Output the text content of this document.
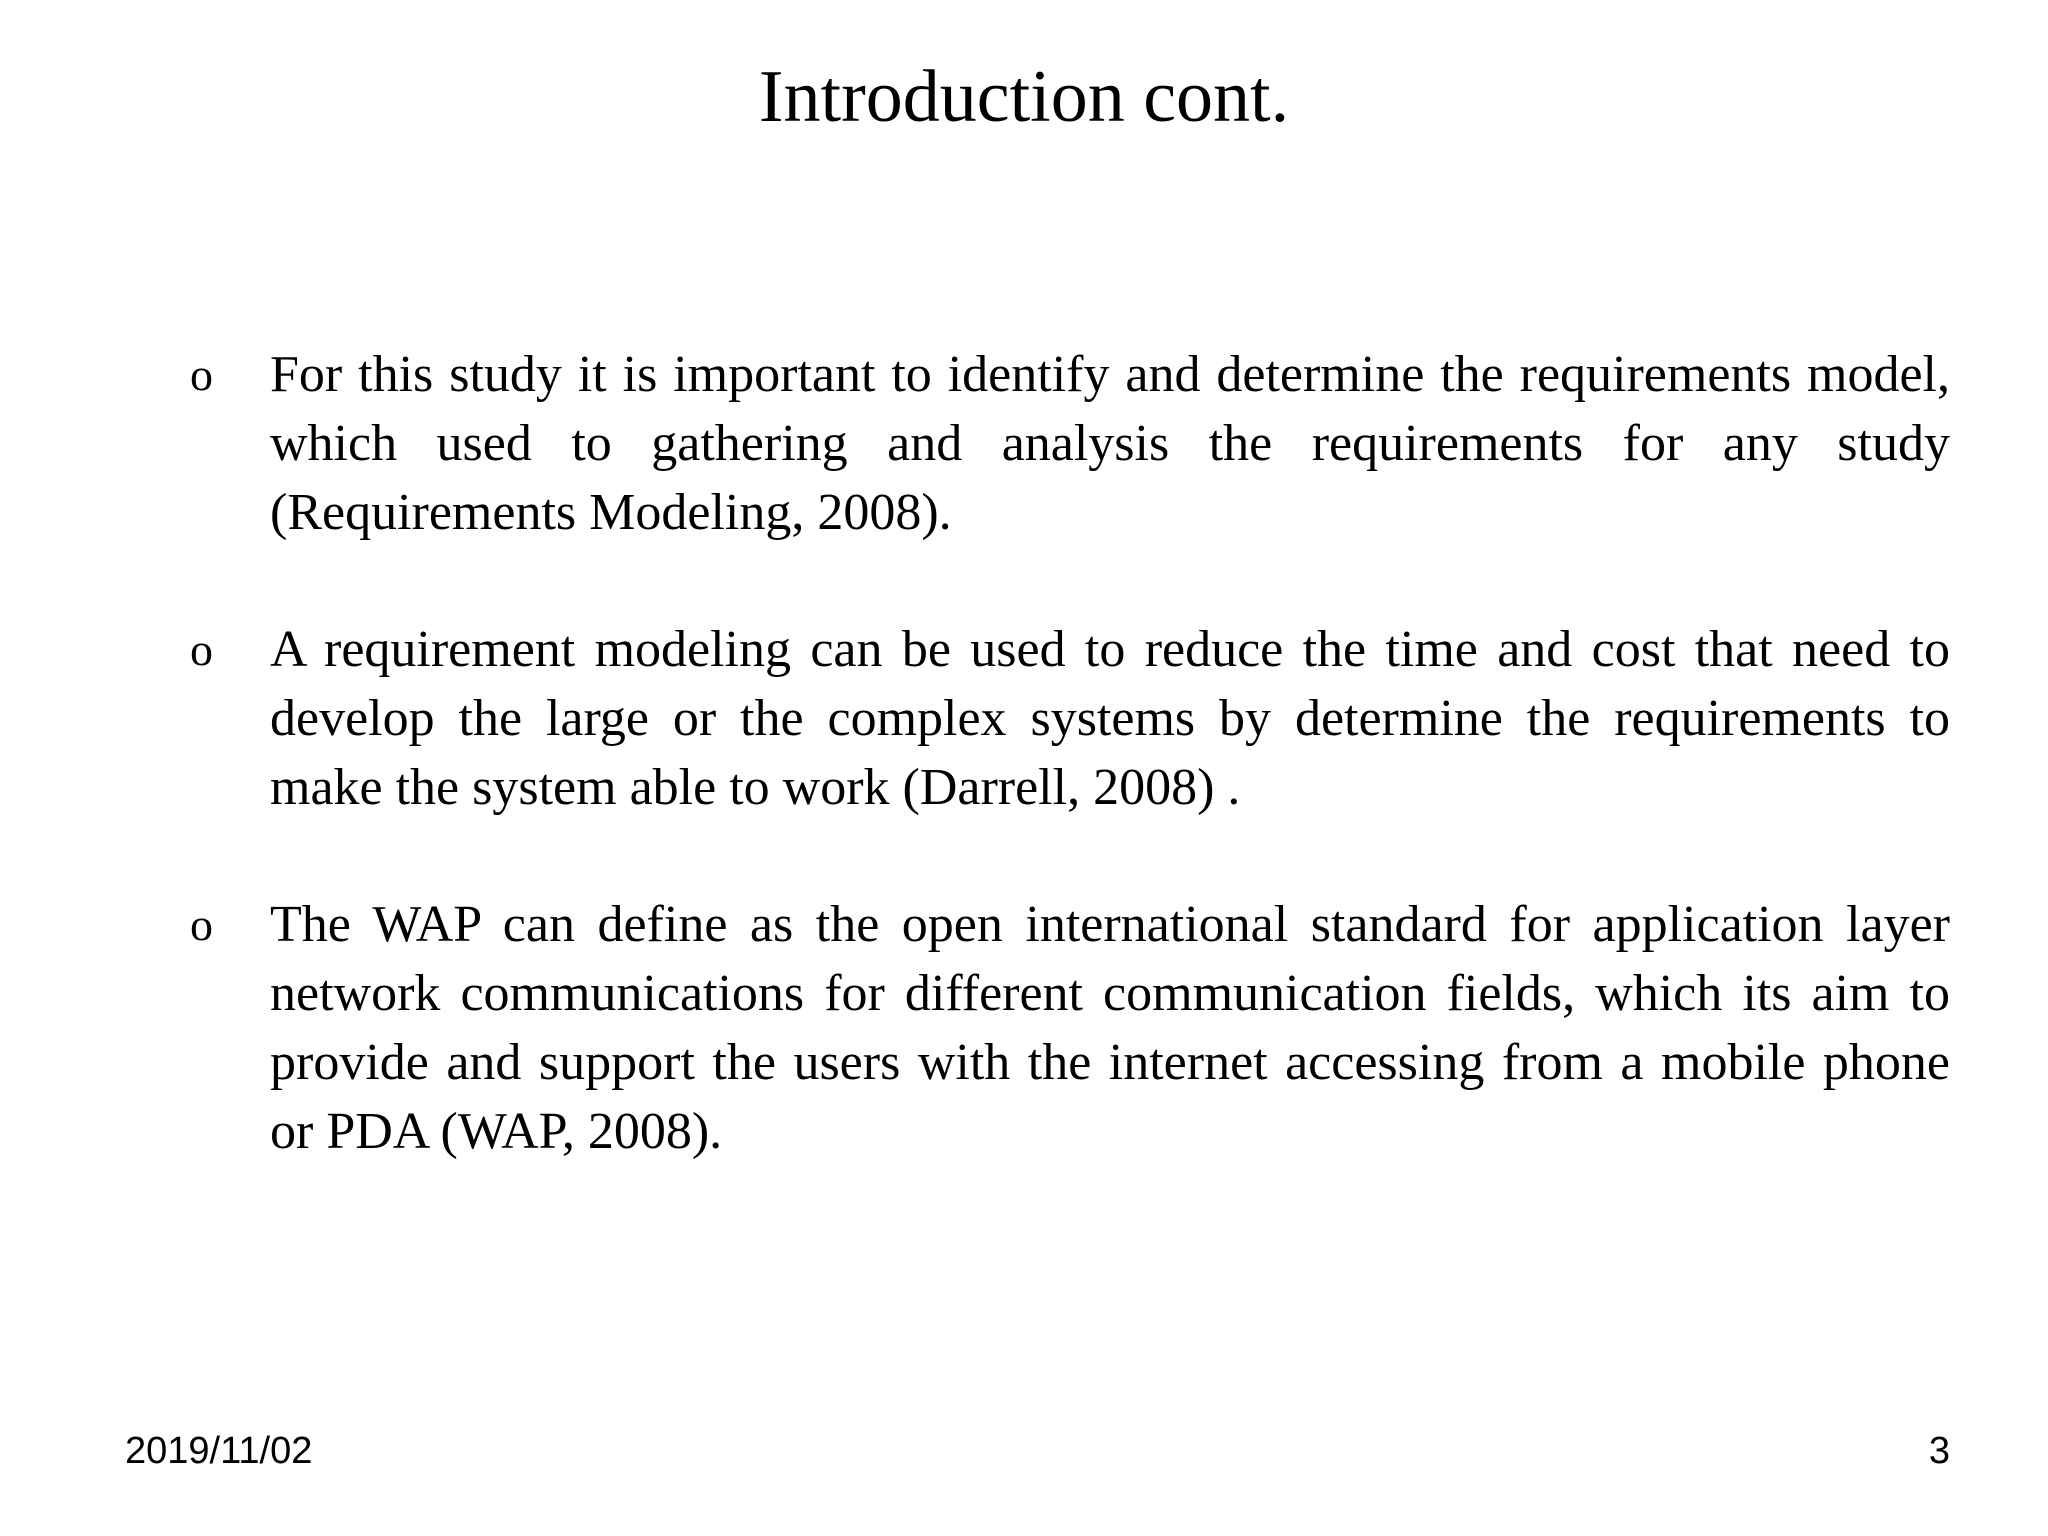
Introduction cont.
o	For this study it is important to identify and determine the requirements model, which used to gathering and analysis the requirements for any study (Requirements Modeling, 2008).
o	A requirement modeling can be used to reduce the time and cost that need to develop the large or the complex systems by determine the requirements to make the system able to work (Darrell, 2008) .
o	The WAP can define as the open international standard for application layer network communications for different communication fields, which its aim to provide and support the users with the internet accessing from a mobile phone or PDA (WAP, 2008).
2019/11/02	3
